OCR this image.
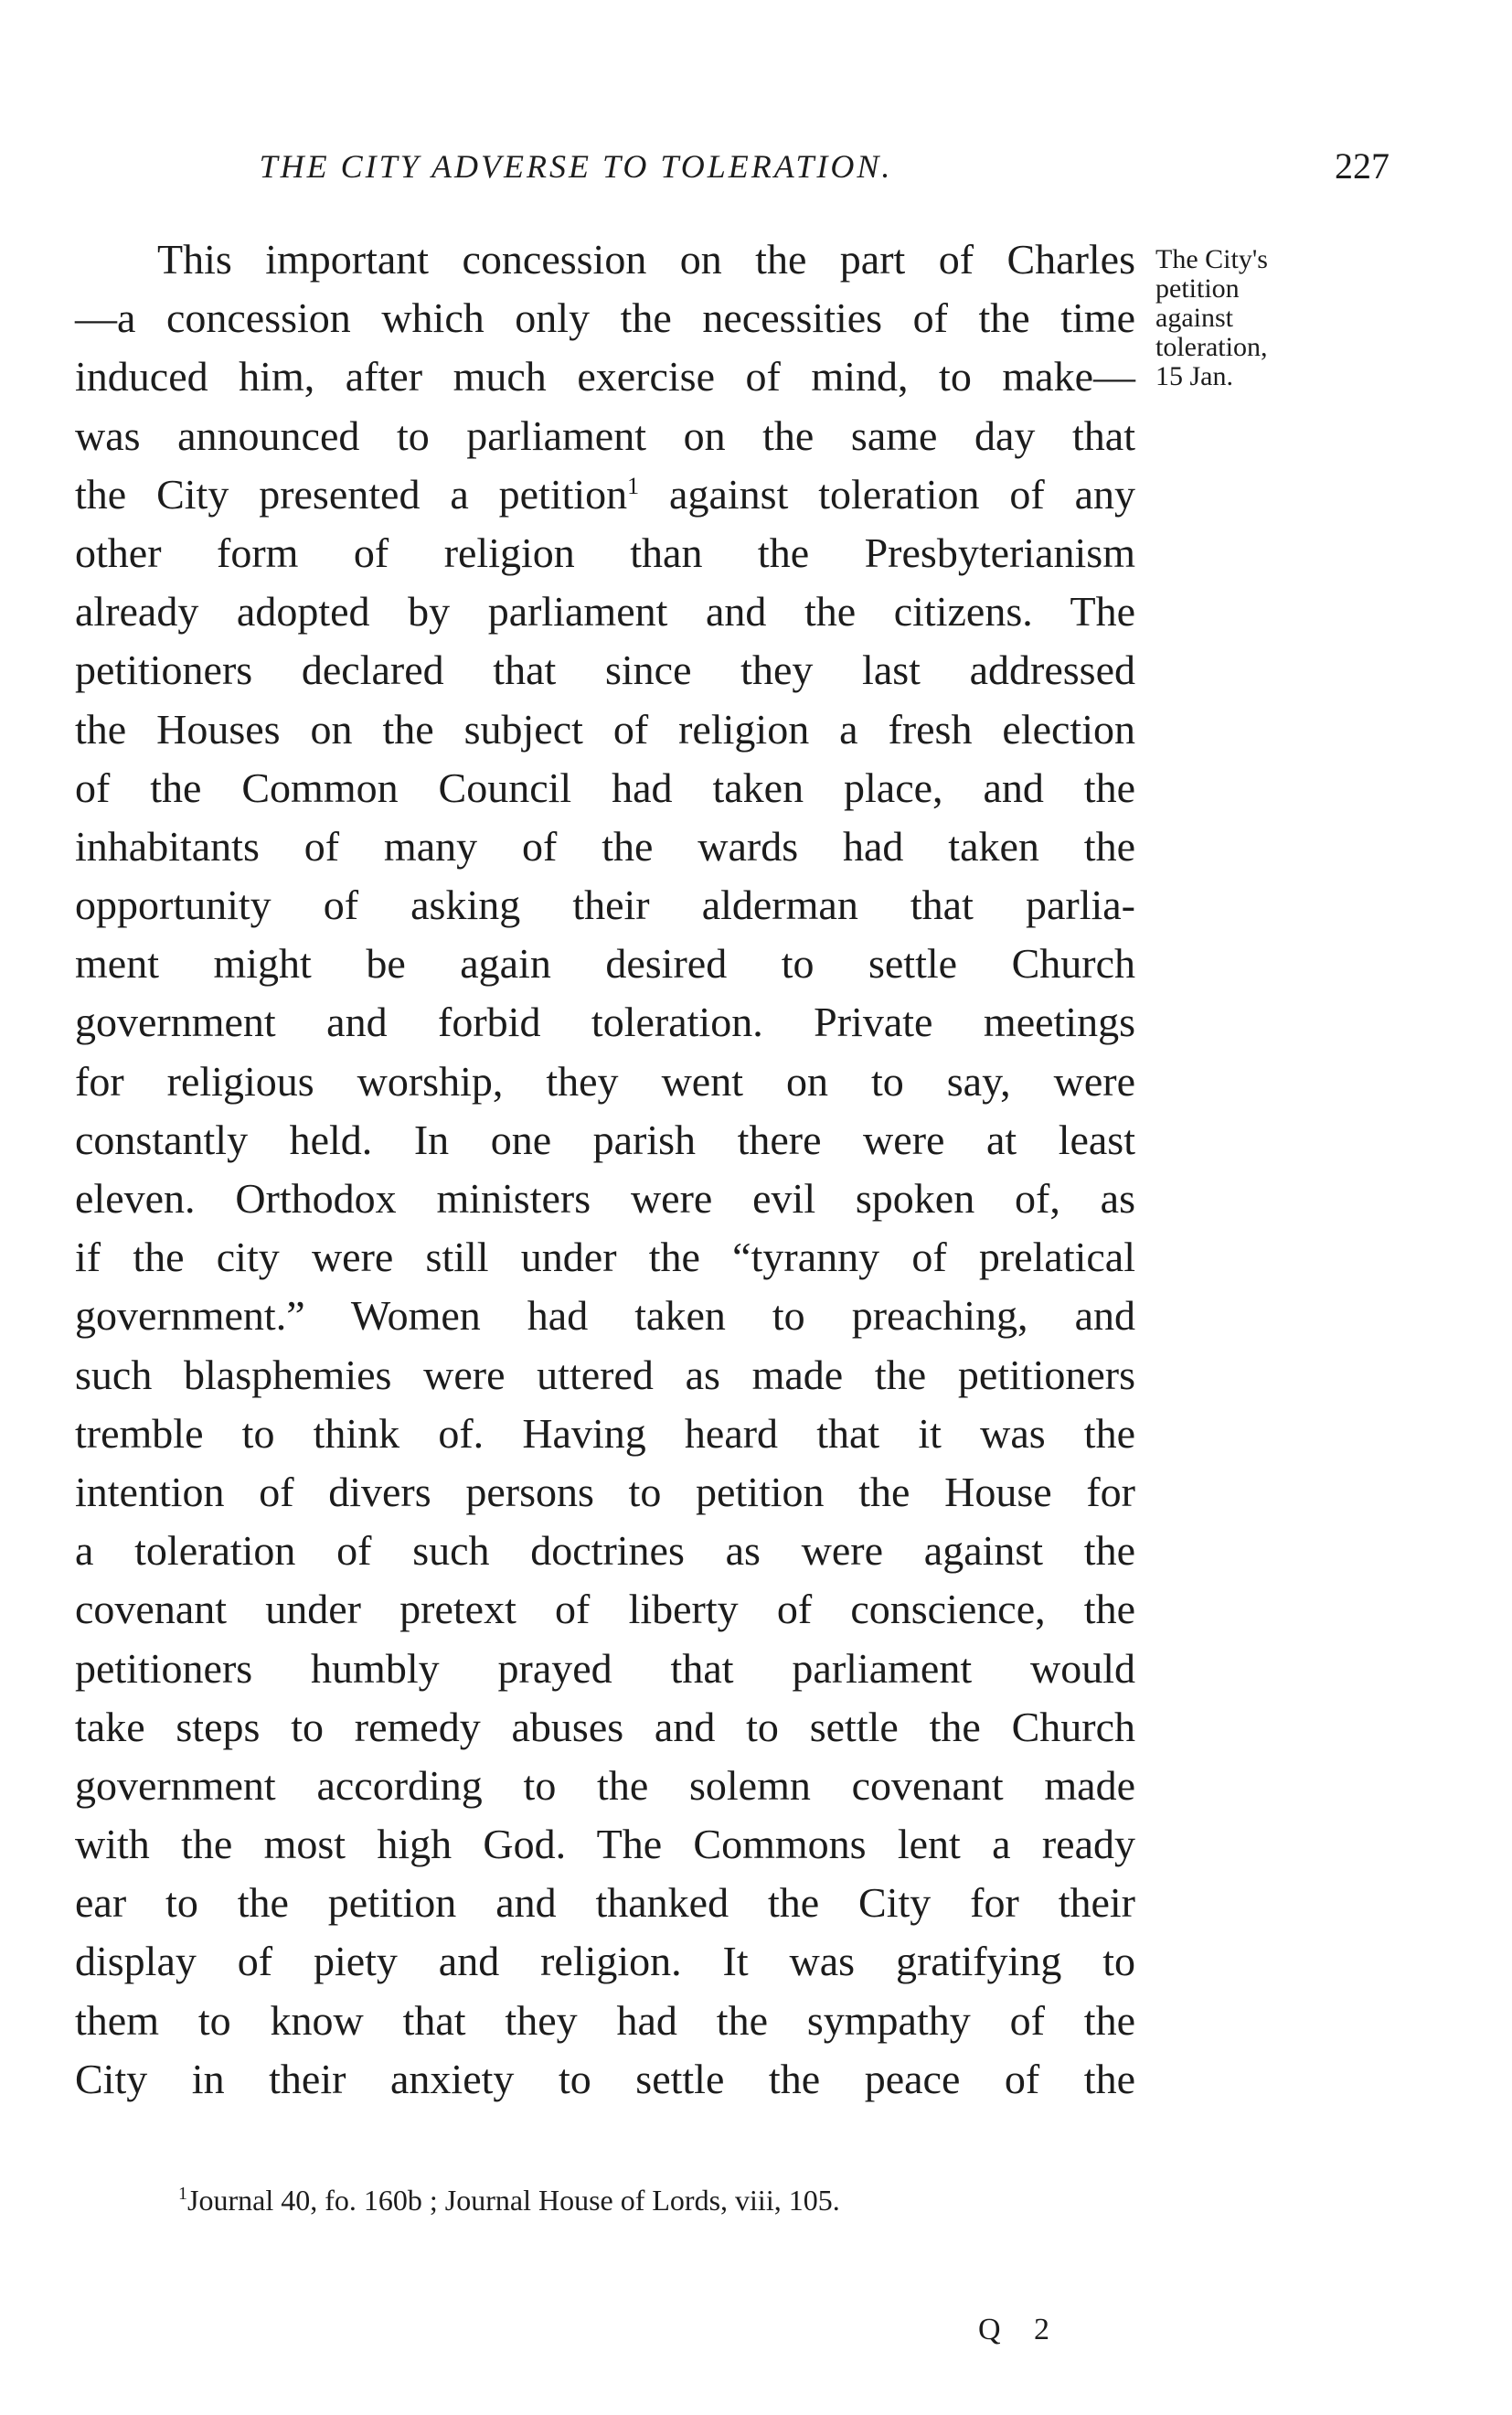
THE CITY ADVERSE TO TOLERATION.	227
The City's
petition
against
toleration,
15 Jan.
This important concession on the part of Charles
—a concession which only the necessities of the time
induced him, after much exercise of mind, to make—
was announced to parliament on the same day that
the City presented a petition$^1$ against toleration of any
other form of religion than the Presbyterianism
already adopted by parliament and the citizens. The
petitioners declared that since they last addressed
the Houses on the subject of religion a fresh election
of the Common Council had taken place, and the
inhabitants of many of the wards had taken the
opportunity of asking their alderman that parlia-
ment might be again desired to settle Church
government and forbid toleration. Private meetings
for religious worship, they went on to say, were
constantly held. In one parish there were at least
eleven. Orthodox ministers were evil spoken of, as
if the city were still under the “tyranny of prelatical
government.” Women had taken to preaching, and
such blasphemies were uttered as made the petitioners
tremble to think of. Having heard that it was the
intention of divers persons to petition the House for
a toleration of such doctrines as were against the
covenant under pretext of liberty of conscience, the
petitioners humbly prayed that parliament would
take steps to remedy abuses and to settle the Church
government according to the solemn covenant made
with the most high God. The Commons lent a ready
ear to the petition and thanked the City for their
display of piety and religion. It was gratifying to
them to know that they had the sympathy of the
City in their anxiety to settle the peace of the
$^1$Journal 40, fo. 160b ; Journal House of Lords, viii, 105.
Q 2
